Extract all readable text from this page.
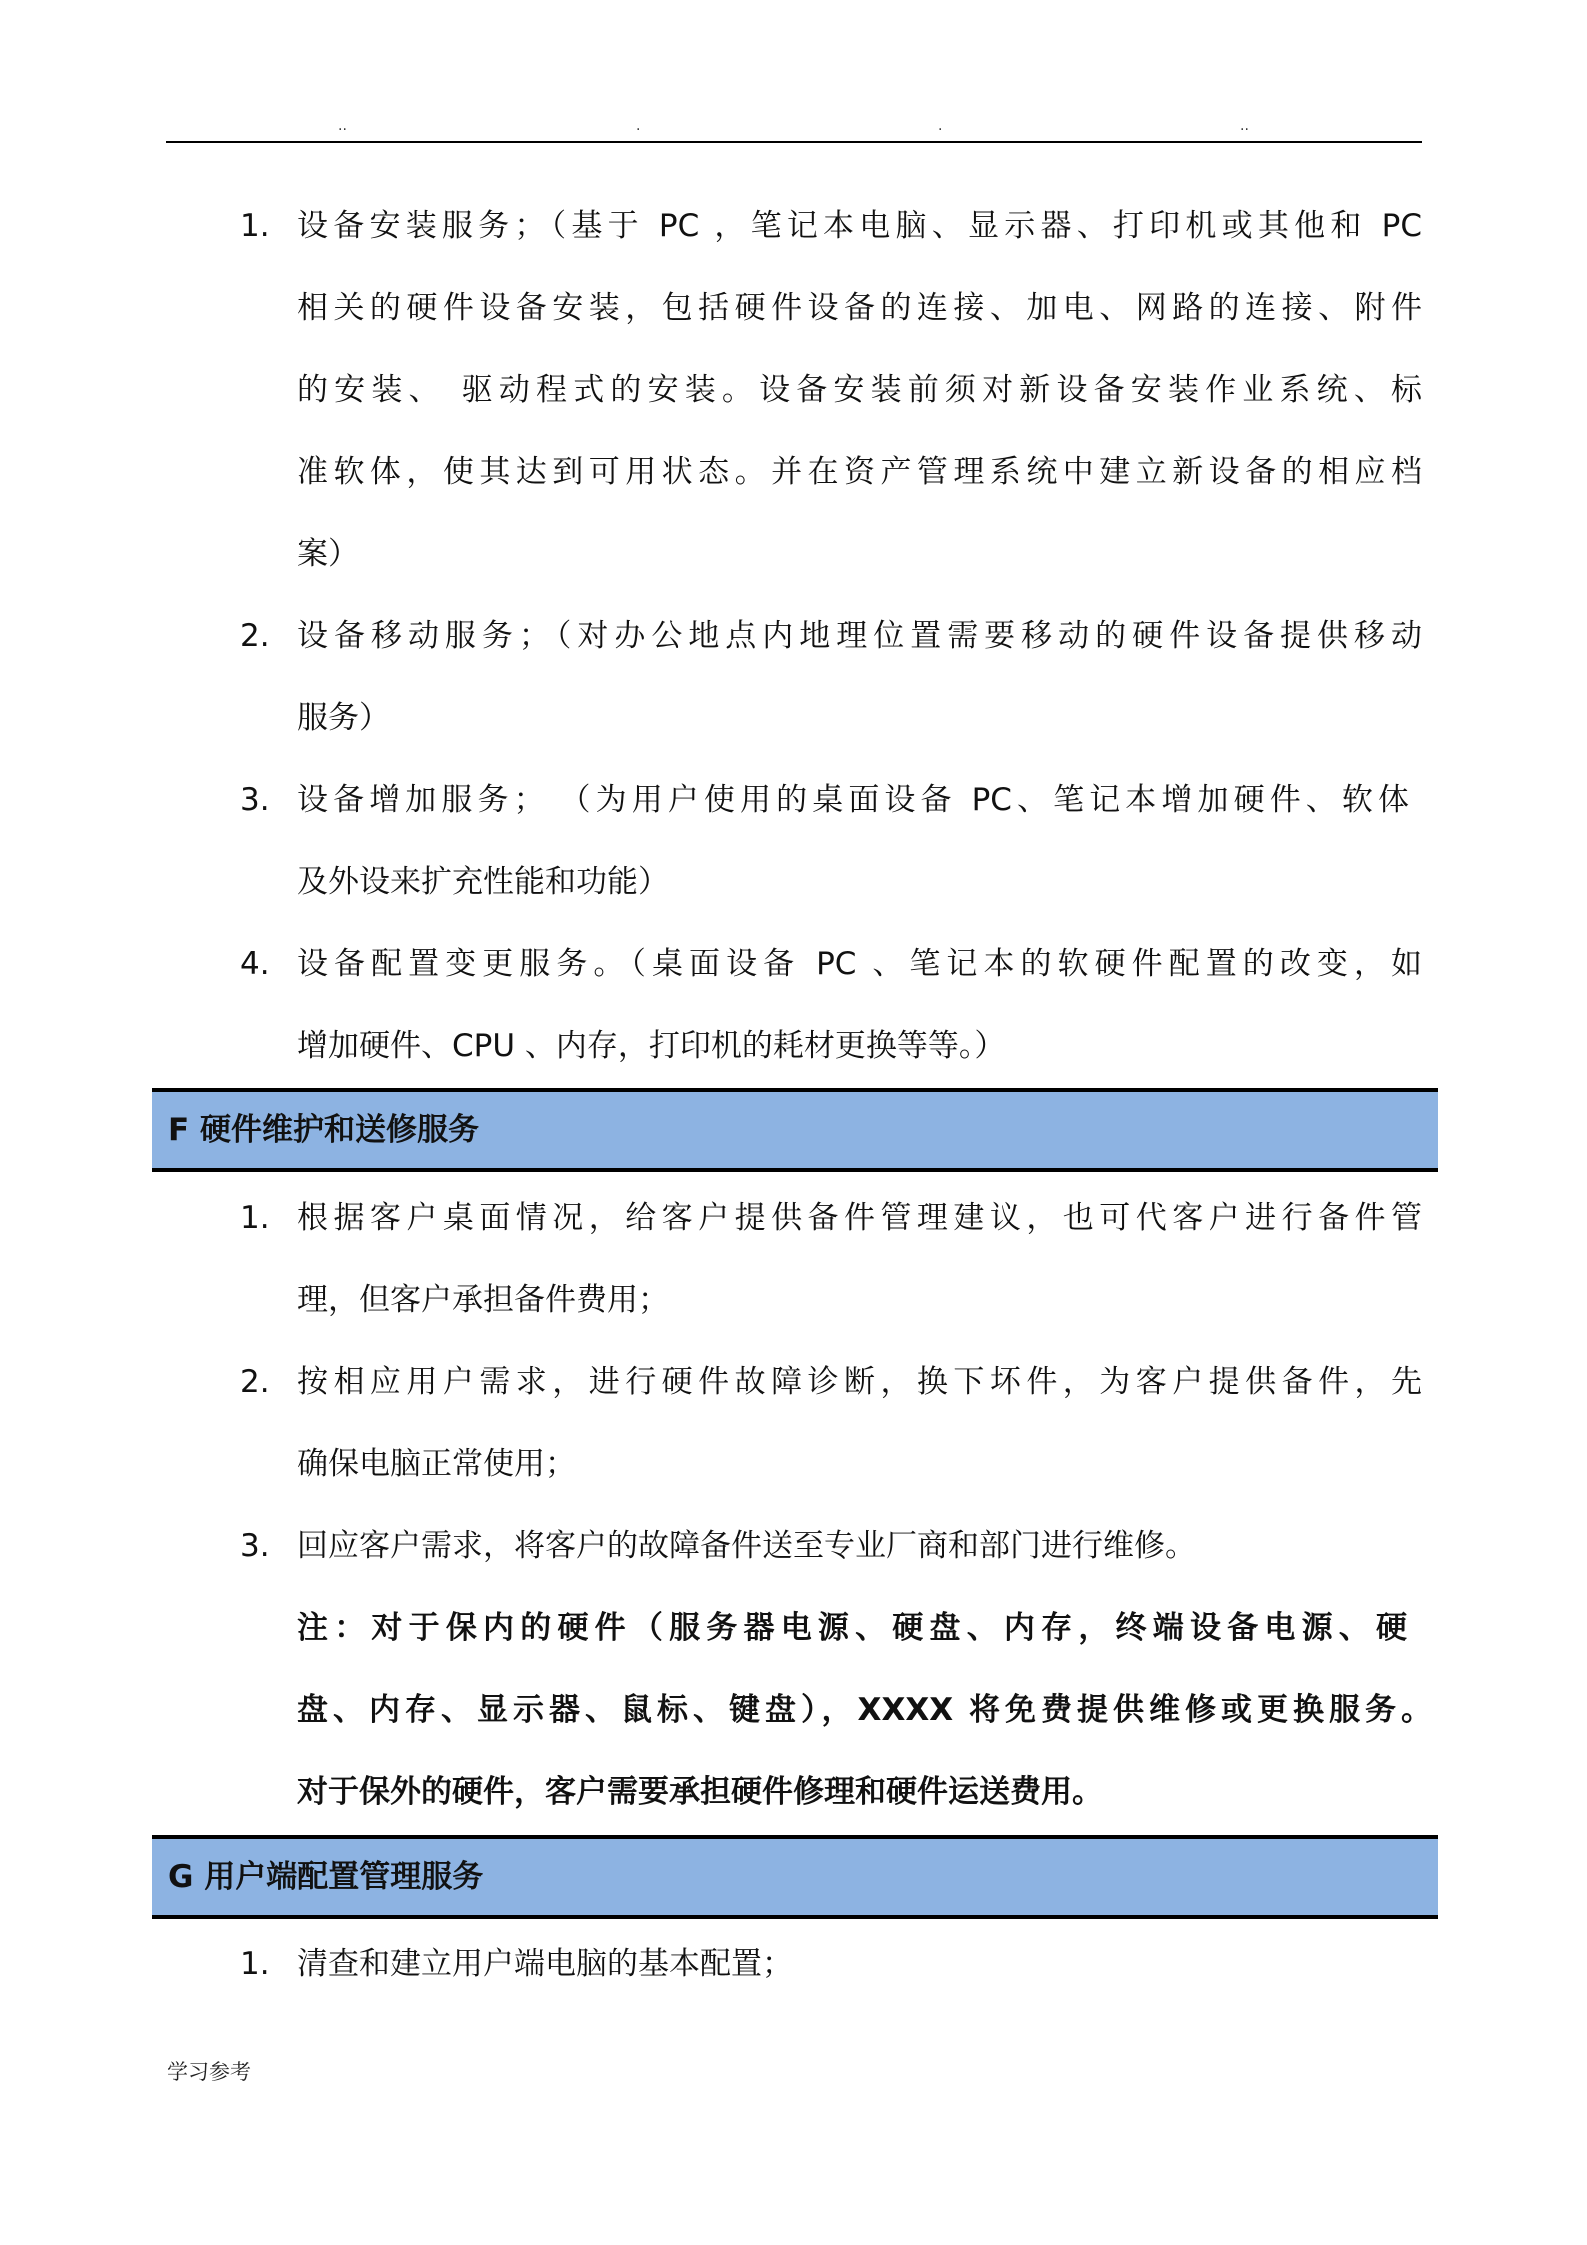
..	.	.	..
1. 设备安装服务；（基于 PC ，笔记本电脑、显示器、打印机或其他和 PC
相关的硬件设备安装，包括硬件设备的连接、加电、网路的连接、附件
的安装、 驱动程式的安装。设备安装前须对新设备安装作业系统、标
准软体，使其达到可用状态。并在资产管理系统中建立新设备的相应档
案）
2. 设备移动服务；（对办公地点内地理位置需要移动的硬件设备提供移动
服务）
3. 设备增加服务； （为用户使用的桌面设备 PC、笔记本增加硬件、软体
及外设来扩充性能和功能）
4. 设备配置变更服务。（桌面设备 PC 、笔记本的软硬件配置的改变，如
增加硬件、CPU 、内存，打印机的耗材更换等等。）
F 硬件维护和送修服务
1. 根据客户桌面情况，给客户提供备件管理建议，也可代客户进行备件管
理，但客户承担备件费用；
2. 按相应用户需求，进行硬件故障诊断，换下坏件，为客户提供备件，先
确保电脑正常使用；
3. 回应客户需求，将客户的故障备件送至专业厂商和部门进行维修。
注：对于保内的硬件（服务器电源、硬盘、内存，终端设备电源、硬
盘、内存、显示器、鼠标、键盘），XXXX 将免费提供维修或更换服务。
对于保外的硬件，客户需要承担硬件修理和硬件运送费用。
G 用户端配置管理服务
1. 清查和建立用户端电脑的基本配置；
学习参考
